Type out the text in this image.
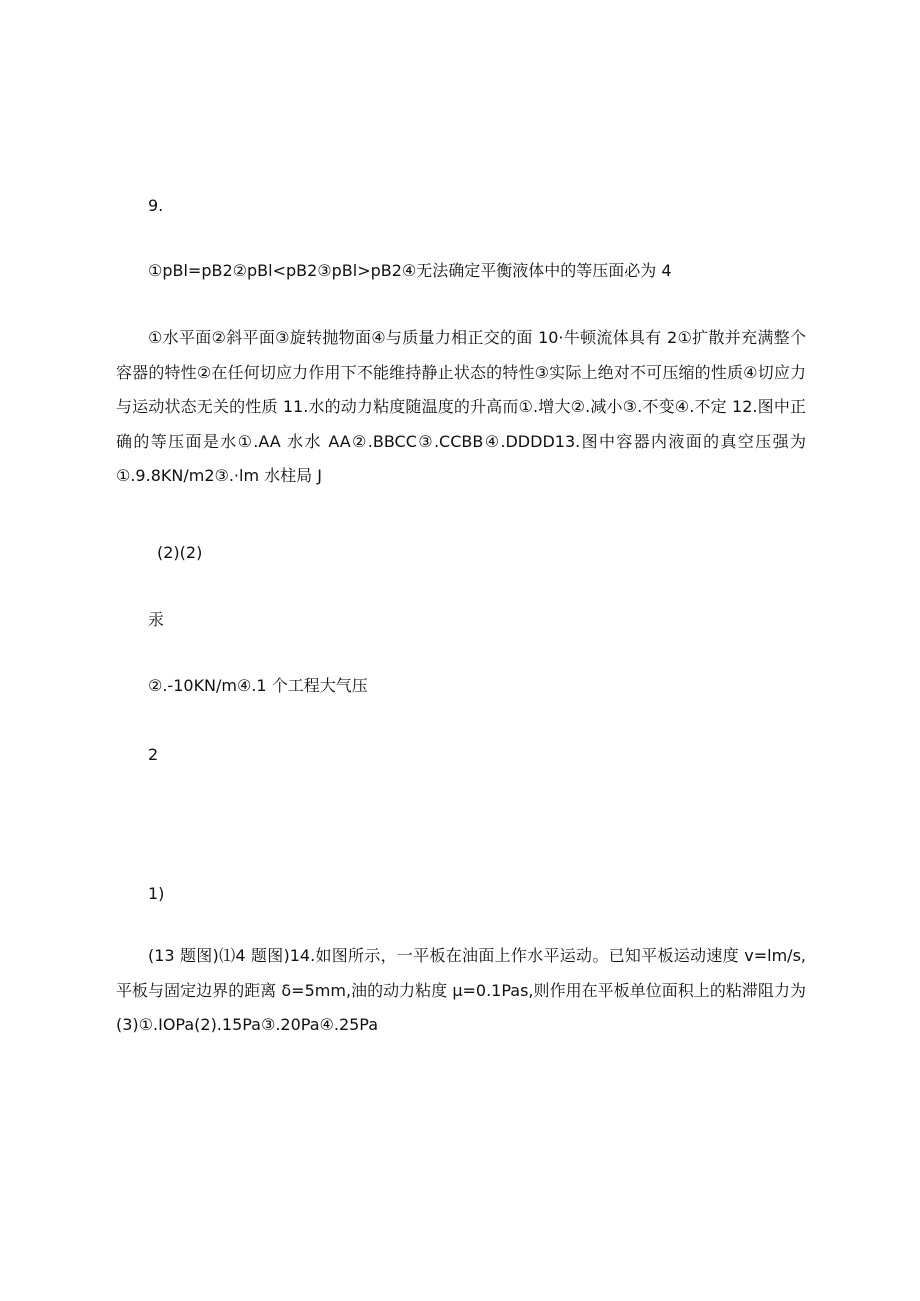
9.

①pBl=pB2②pBl<pB2③pBl>pB2④无法确定平衡液体中的等压面必为 4

①水平面②斜平面③旋转抛物面④与质量力相正交的面 10·牛顿流体具有 2①扩散并充满整个容器的特性②在任何切应力作用下不能维持静止状态的特性③实际上绝对不可压缩的性质④切应力与运动状态无关的性质 11.水的动力粘度随温度的升高而①.增大②.减小③.不变④.不定 12.图中正确的等压面是水①.AA 水水 AA②.BBCC③.CCBB④.DDDD13.图中容器内液面的真空压强为①.9.8KN∕m2③.·lm 水柱局 J

(2)(2)

汞

②.-10KN/m④.1 个工程大气压

2

1)

(13 题图)⑴4 题图)14.如图所示，一平板在油面上作水平运动。已知平板运动速度 v=lm∕s,平板与固定边界的距离 δ=5mm,油的动力粘度 μ=0.1Pas,则作用在平板单位面积上的粘滞阻力为(3)①.IOPa(2).15Pa③.20Pa④.25Pa
